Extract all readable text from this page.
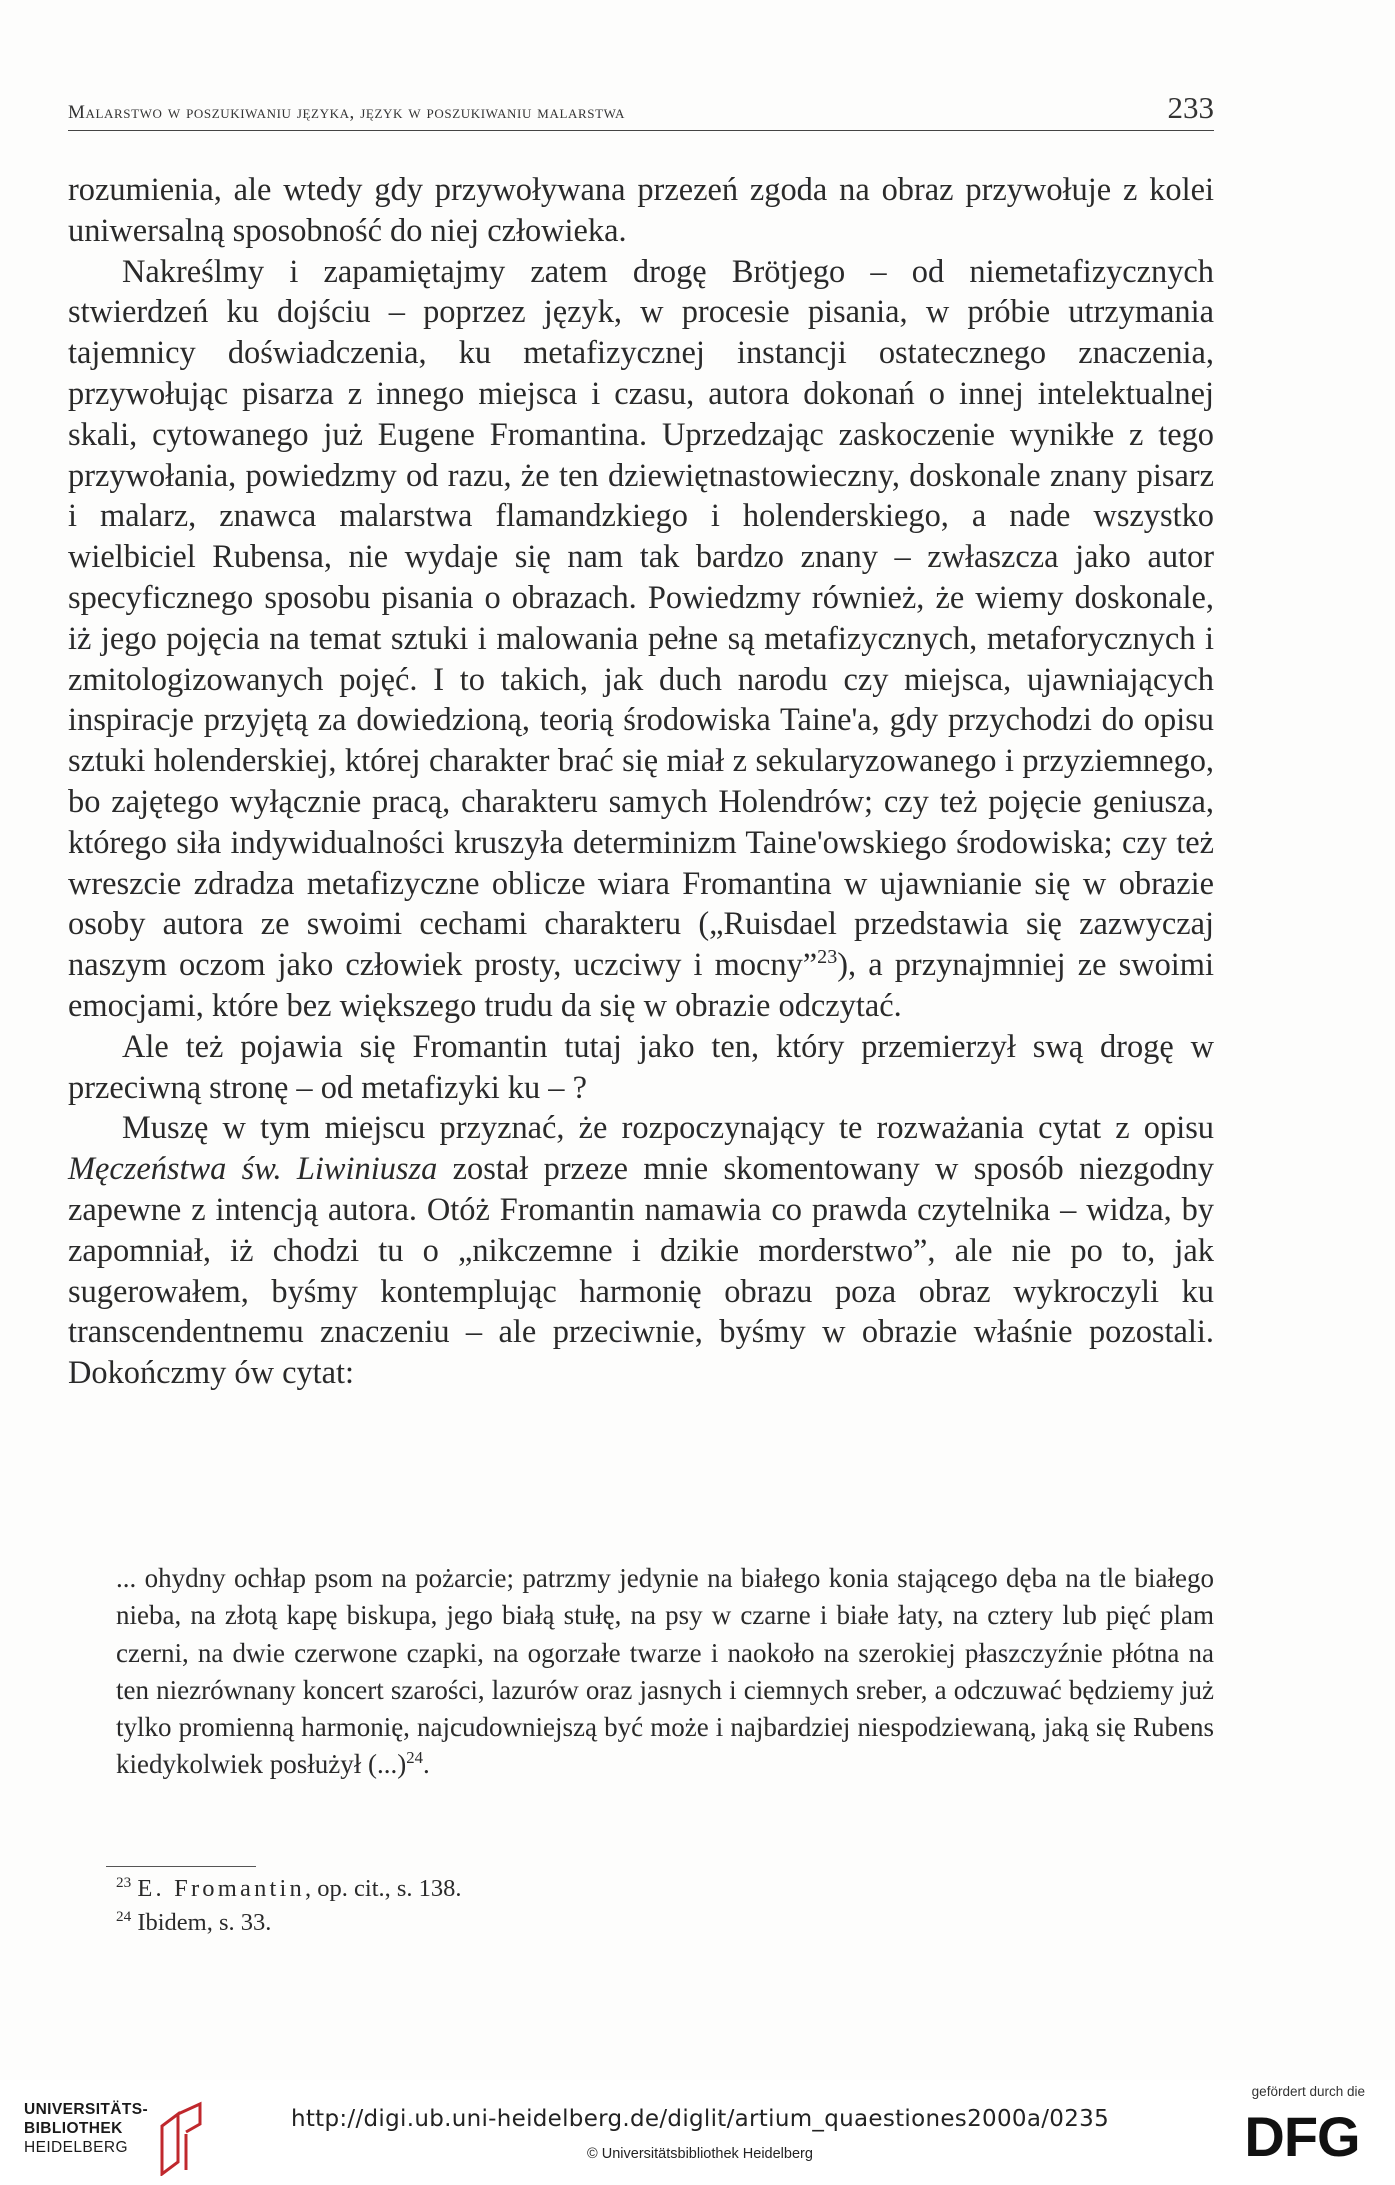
Malarstwo w poszukiwaniu języka, język w poszukiwaniu malarstwa	233

rozumienia, ale wtedy gdy przywoływana przezeń zgoda na obraz przywołuje z kolei uniwersalną sposobność do niej człowieka.

Nakreślmy i zapamiętajmy zatem drogę Brötjego – od niemetafizycznych stwierdzeń ku dojściu – poprzez język, w procesie pisania, w próbie utrzymania tajemnicy doświadczenia, ku metafizycznej instancji ostatecznego znaczenia, przywołując pisarza z innego miejsca i czasu, autora dokonań o innej intelektualnej skali, cytowanego już Eugene Fromantina. Uprzedzając zaskoczenie wynikłe z tego przywołania, powiedzmy od razu, że ten dziewiętnastowieczny, doskonale znany pisarz i malarz, znawca malarstwa flamandzkiego i holenderskiego, a nade wszystko wielbiciel Rubensa, nie wydaje się nam tak bardzo znany – zwłaszcza jako autor specyficznego sposobu pisania o obrazach. Powiedzmy również, że wiemy doskonale, iż jego pojęcia na temat sztuki i malowania pełne są metafizycznych, metaforycznych i zmitologizowanych pojęć. I to takich, jak duch narodu czy miejsca, ujawniających inspiracje przyjętą za dowiedzioną, teorią środowiska Taine'a, gdy przychodzi do opisu sztuki holenderskiej, której charakter brać się miał z sekularyzowanego i przyziemnego, bo zajętego wyłącznie pracą, charakteru samych Holendrów; czy też pojęcie geniusza, którego siła indywidualności kruszyła determinizm Taine'owskiego środowiska; czy też wreszcie zdradza metafizyczne oblicze wiara Fromantina w ujawnianie się w obrazie osoby autora ze swoimi cechami charakteru („Ruisdael przedstawia się zazwyczaj naszym oczom jako człowiek prosty, uczciwy i mocny”$^{23}$), a przynajmniej ze swoimi emocjami, które bez większego trudu da się w obrazie odczytać.

Ale też pojawia się Fromantin tutaj jako ten, który przemierzył swą drogę w przeciwną stronę – od metafizyki ku – ?

Muszę w tym miejscu przyznać, że rozpoczynający te rozważania cytat z opisu Męczeństwa św. Liwiniusza został przeze mnie skomentowany w sposób niezgodny zapewne z intencją autora. Otóż Fromantin namawia co prawda czytelnika – widza, by zapomniał, iż chodzi tu o „nikczemne i dzikie morderstwo”, ale nie po to, jak sugerowałem, byśmy kontemplując harmonię obrazu poza obraz wykroczyli ku transcendentnemu znaczeniu – ale przeciwnie, byśmy w obrazie właśnie pozostali. Dokończmy ów cytat:

... ohydny ochłap psom na pożarcie; patrzmy jedynie na białego konia stającego dęba na tle białego nieba, na złotą kapę biskupa, jego białą stułę, na psy w czarne i białe łaty, na cztery lub pięć plam czerni, na dwie czerwone czapki, na ogorzałe twarze i naokoło na szerokiej płaszczyźnie płótna na ten niezrównany koncert szarości, lazurów oraz jasnych i ciemnych sreber, a odczuwać będziemy już tylko promienną harmonię, najcudowniejszą być może i najbardziej niespodziewaną, jaką się Rubens kiedykolwiek posłużył (...)$^{24}$.

$^{23}$ E. Fromantin, op. cit., s. 138.

$^{24}$ Ibidem, s. 33.

UNIVERSITÄTS-
BIBLIOTHEK
HEIDELBERG
http://digi.ub.uni-heidelberg.de/diglit/artium_quaestiones2000a/0235
© Universitätsbibliothek Heidelberg
gefördert durch die
DFG
